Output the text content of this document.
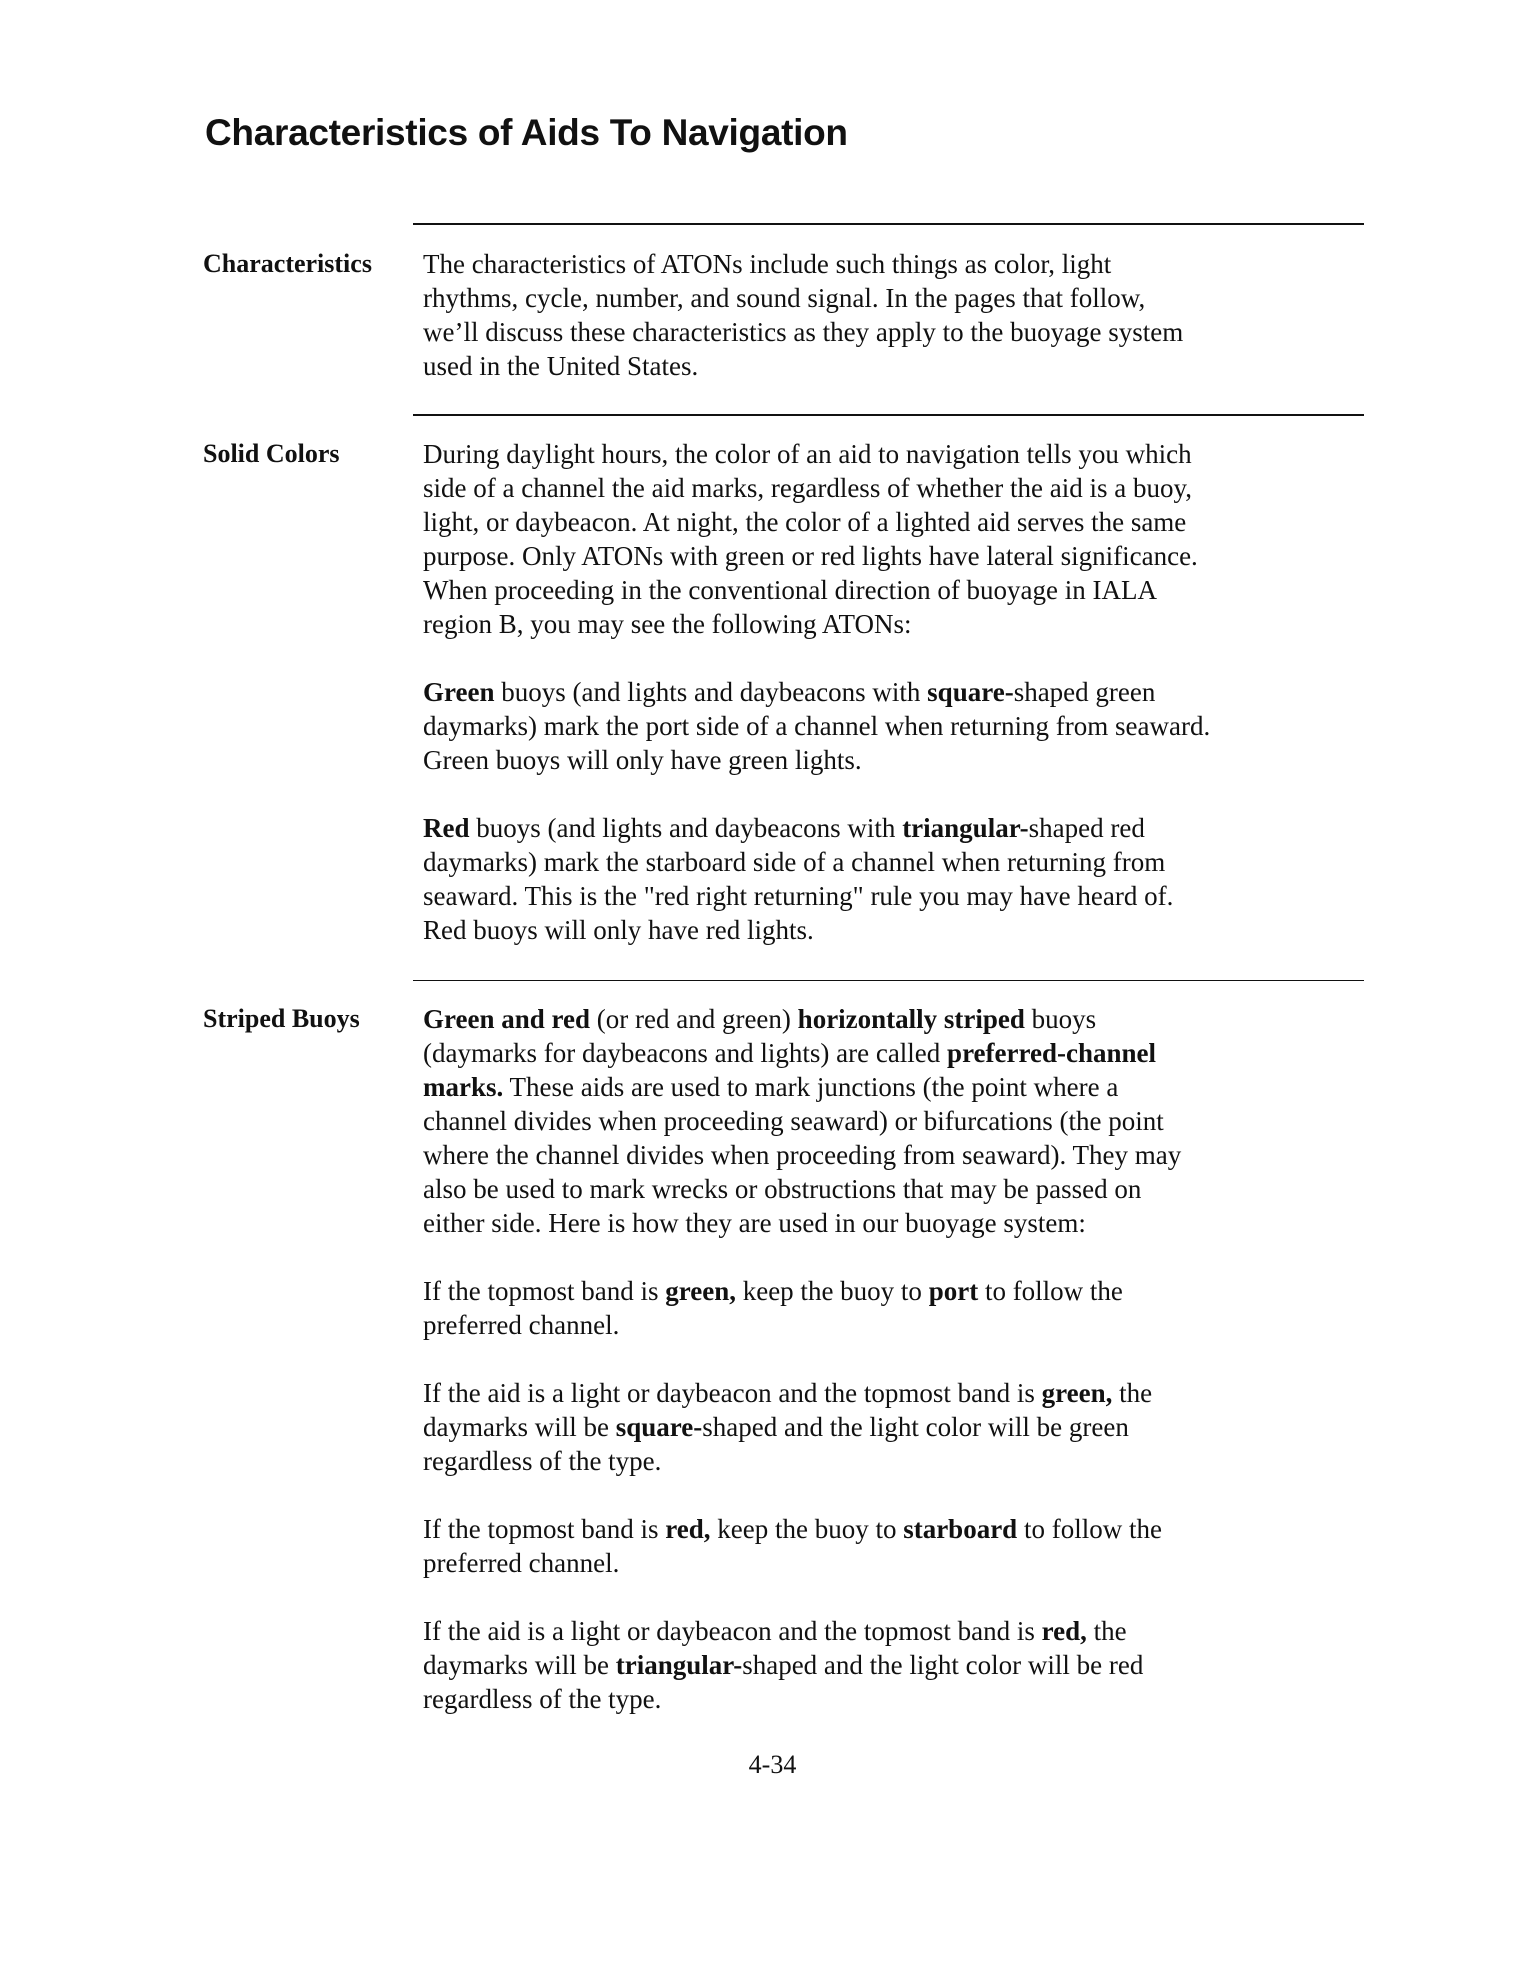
Characteristics of Aids To Navigation
Characteristics The characteristics of ATONs include such things as color, light
rhythms, cycle, number, and sound signal. In the pages that follow,
we’ll discuss these characteristics as they apply to the buoyage system
used in the United States.

Solid Colors	During daylight hours, the color of an aid to navigation tells you which
side of a channel the aid marks, regardless of whether the aid is a buoy,
light, or daybeacon. At night, the color of a lighted aid serves the same
purpose. Only ATONs with green or red lights have lateral significance.
When proceeding in the conventional direction of buoyage in IALA
region B, you may see the following ATONs:

Green buoys (and lights and daybeacons with square-shaped green
daymarks) mark the port side of a channel when returning from seaward.
Green buoys will only have green lights.

Red buoys (and lights and daybeacons with triangular-shaped red
daymarks) mark the starboard side of a channel when returning from
seaward. This is the "red right returning" rule you may have heard of.
Red buoys will only have red lights.

Striped Buoys Green and red (or red and green) horizontally striped buoys
(daymarks for daybeacons and lights) are called preferred-channel
marks. These aids are used to mark junctions (the point where a
channel divides when proceeding seaward) or bifurcations (the point
where the channel divides when proceeding from seaward). They may
also be used to mark wrecks or obstructions that may be passed on
either side. Here is how they are used in our buoyage system:

If the topmost band is green, keep the buoy to port to follow the
preferred channel.

If the aid is a light or daybeacon and the topmost band is green, the
daymarks will be square-shaped and the light color will be green
regardless of the type.

If the topmost band is red, keep the buoy to starboard to follow the
preferred channel.

If the aid is a light or daybeacon and the topmost band is red, the
daymarks will be triangular-shaped and the light color will be red
regardless of the type.

4-34
